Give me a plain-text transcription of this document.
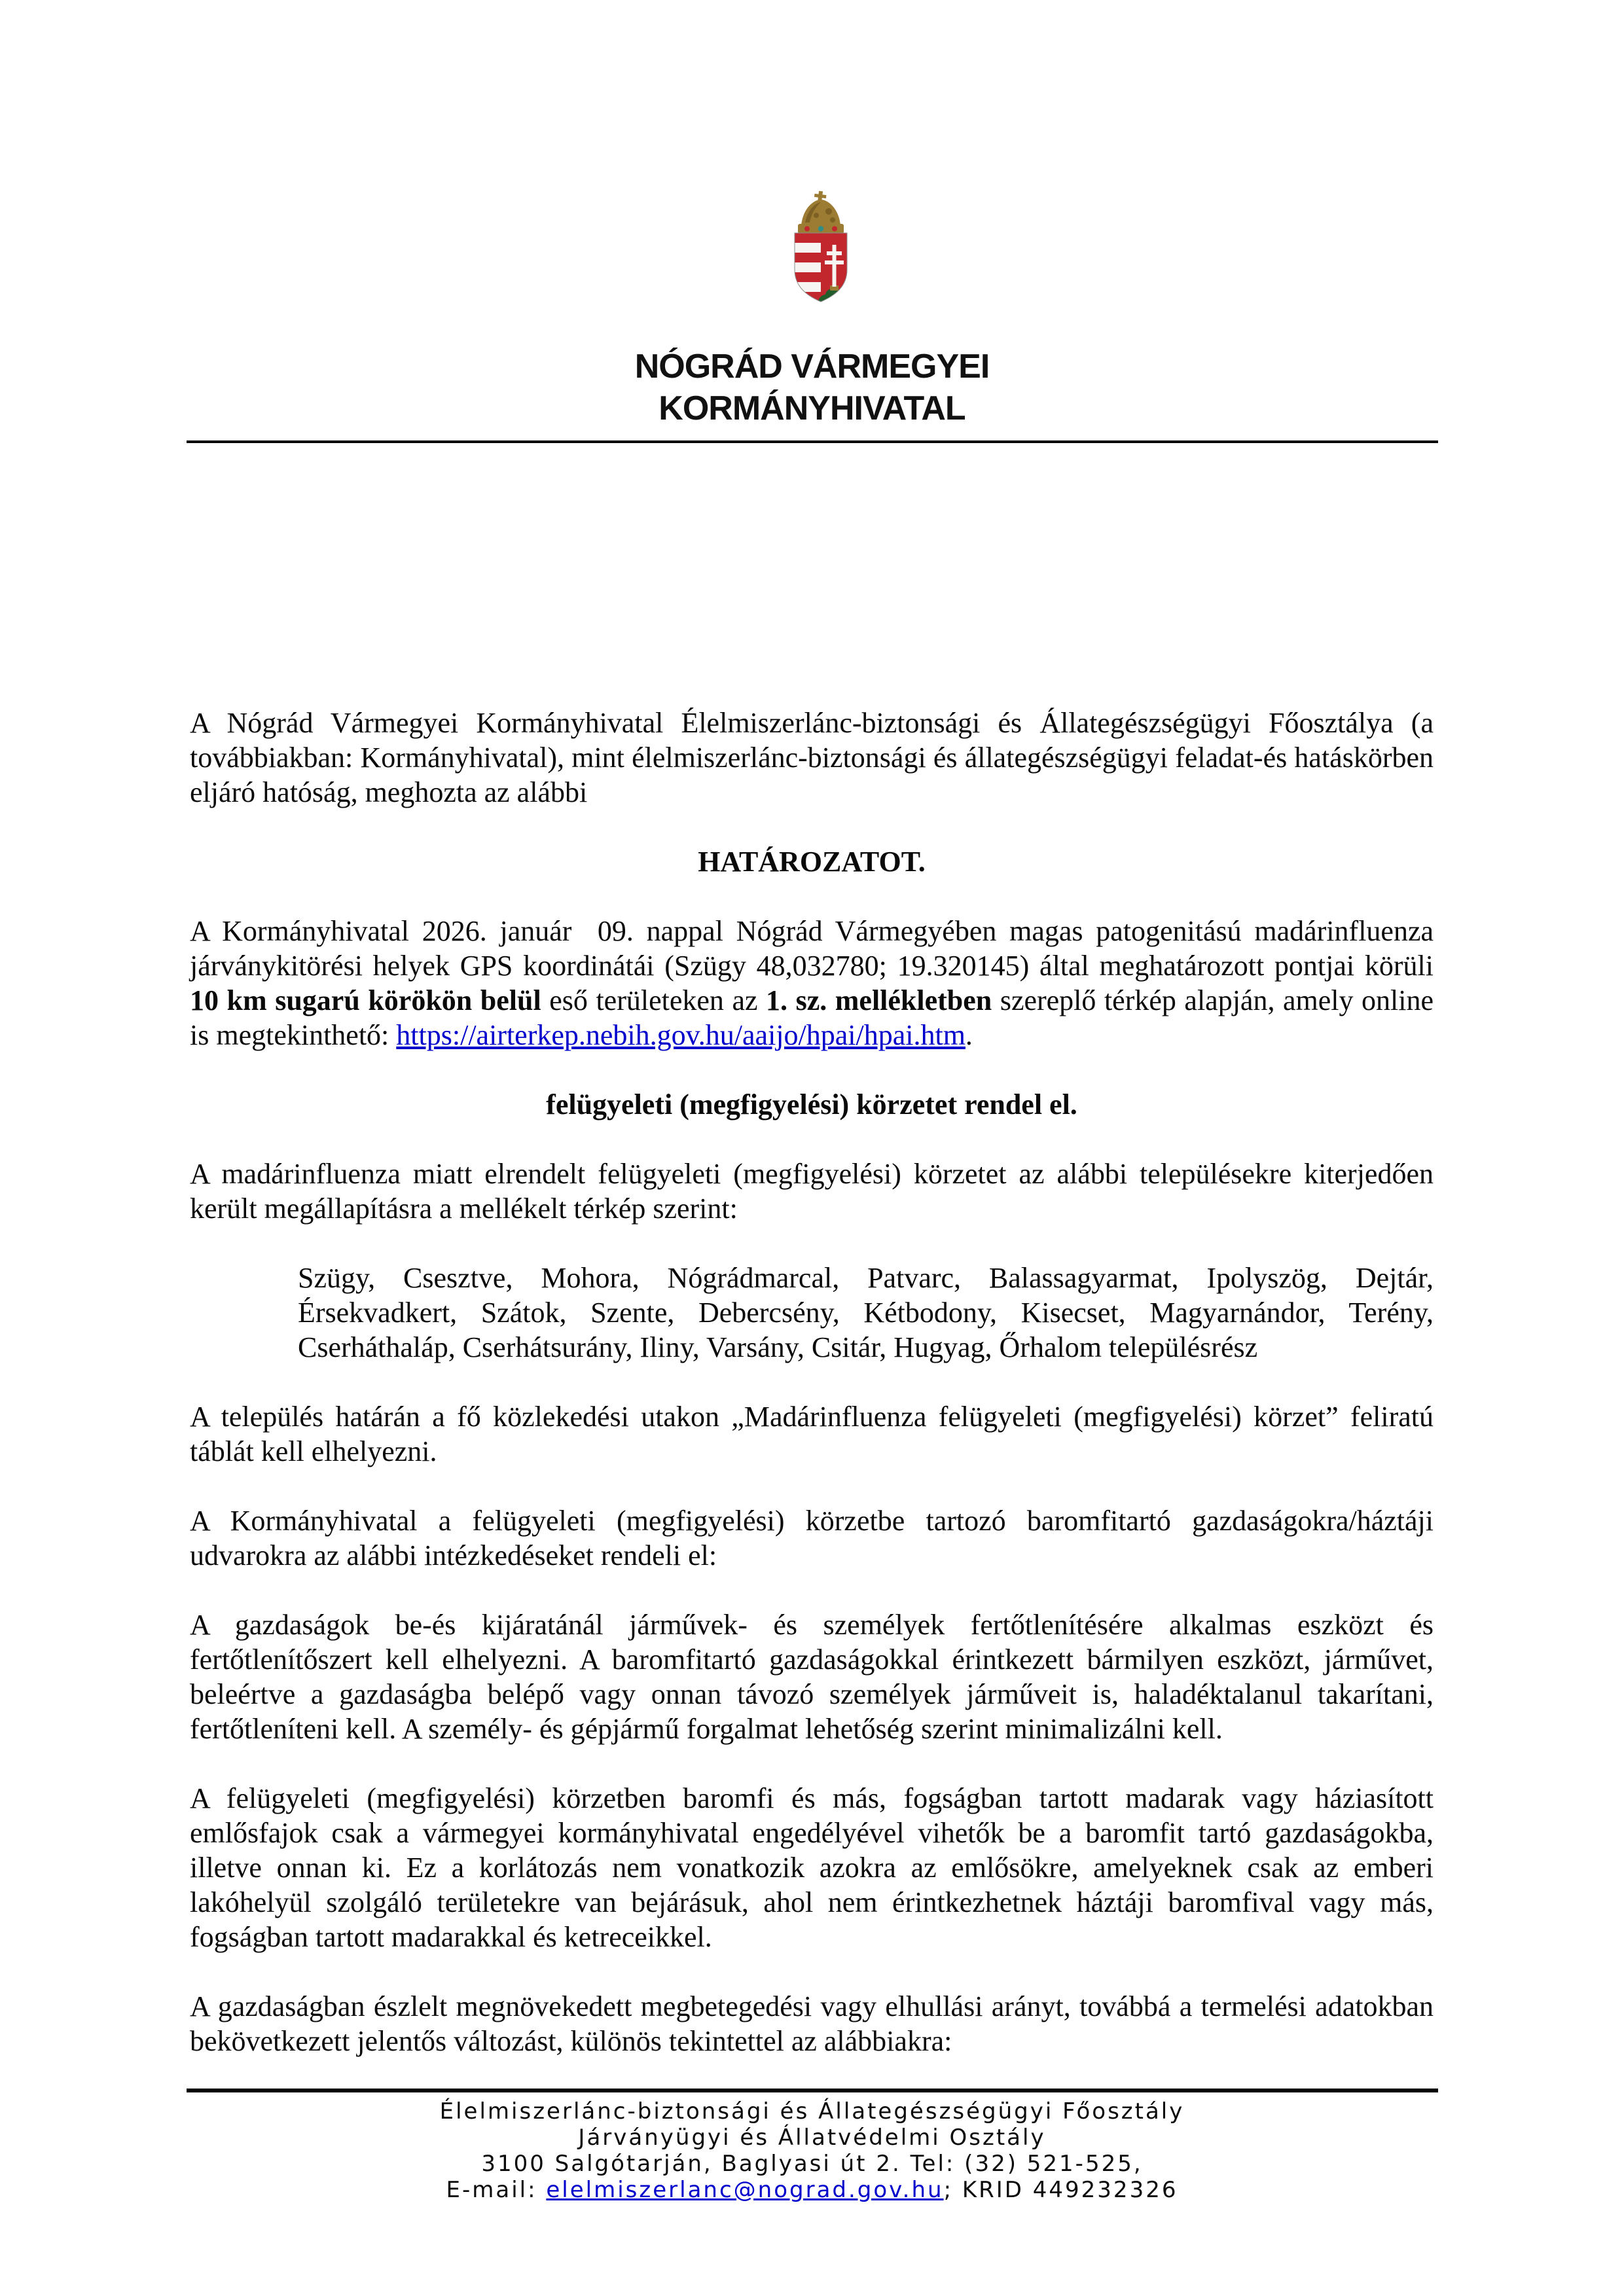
NÓGRÁD VÁRMEGYEI
KORMÁNYHIVATAL

A Nógrád Vármegyei Kormányhivatal Élelmiszerlánc-biztonsági és Állategészségügyi Főosztálya (a továbbiakban: Kormányhivatal), mint élelmiszerlánc-biztonsági és állategészségügyi feladat-és hatáskörben eljáró hatóság, meghozta az alábbi

HATÁROZATOT.

A Kormányhivatal 2026. január  09. nappal Nógrád Vármegyében magas patogenitású madárinfluenza járványkitörési helyek GPS koordinátái (Szügy 48,032780; 19.320145) által meghatározott pontjai körüli 10 km sugarú körökön belül eső területeken az 1. sz. mellékletben szereplő térkép alapján, amely online is megtekinthető: https://airterkep.nebih.gov.hu/aaijo/hpai/hpai.htm.

felügyeleti (megfigyelési) körzetet rendel el.

A madárinfluenza miatt elrendelt felügyeleti (megfigyelési) körzetet az alábbi településekre kiterjedően került megállapításra a mellékelt térkép szerint:

Szügy, Csesztve, Mohora, Nógrádmarcal, Patvarc, Balassagyarmat, Ipolyszög, Dejtár, Érsekvadkert, Szátok, Szente, Debercsény, Kétbodony, Kisecset, Magyarnándor, Terény, Cserháthaláp, Cserhátsurány, Iliny, Varsány, Csitár, Hugyag, Őrhalom településrész

A település határán a fő közlekedési utakon „Madárinfluenza felügyeleti (megfigyelési) körzet” feliratú táblát kell elhelyezni.

A Kormányhivatal a felügyeleti (megfigyelési) körzetbe tartozó baromfitartó gazdaságokra/háztáji udvarokra az alábbi intézkedéseket rendeli el:

A gazdaságok be-és kijáratánál járművek- és személyek fertőtlenítésére alkalmas eszközt és fertőtlenítőszert kell elhelyezni. A baromfitartó gazdaságokkal érintkezett bármilyen eszközt, járművet, beleértve a gazdaságba belépő vagy onnan távozó személyek járműveit is, haladéktalanul takarítani, fertőtleníteni kell. A személy- és gépjármű forgalmat lehetőség szerint minimalizálni kell.

A felügyeleti (megfigyelési) körzetben baromfi és más, fogságban tartott madarak vagy háziasított emlősfajok csak a vármegyei kormányhivatal engedélyével vihetők be a baromfit tartó gazdaságokba, illetve onnan ki. Ez a korlátozás nem vonatkozik azokra az emlősökre, amelyeknek csak az emberi lakóhelyül szolgáló területekre van bejárásuk, ahol nem érintkezhetnek háztáji baromfival vagy más, fogságban tartott madarakkal és ketreceikkel.

A gazdaságban észlelt megnövekedett megbetegedési vagy elhullási arányt, továbbá a termelési adatokban bekövetkezett jelentős változást, különös tekintettel az alábbiakra:

Élelmiszerlánc-biztonsági és Állategészségügyi Főosztály
Járványügyi és Állatvédelmi Osztály
3100 Salgótarján, Baglyasi út 2. Tel: (32) 521-525,
E-mail: elelmiszerlanc@nograd.gov.hu; KRID 449232326
